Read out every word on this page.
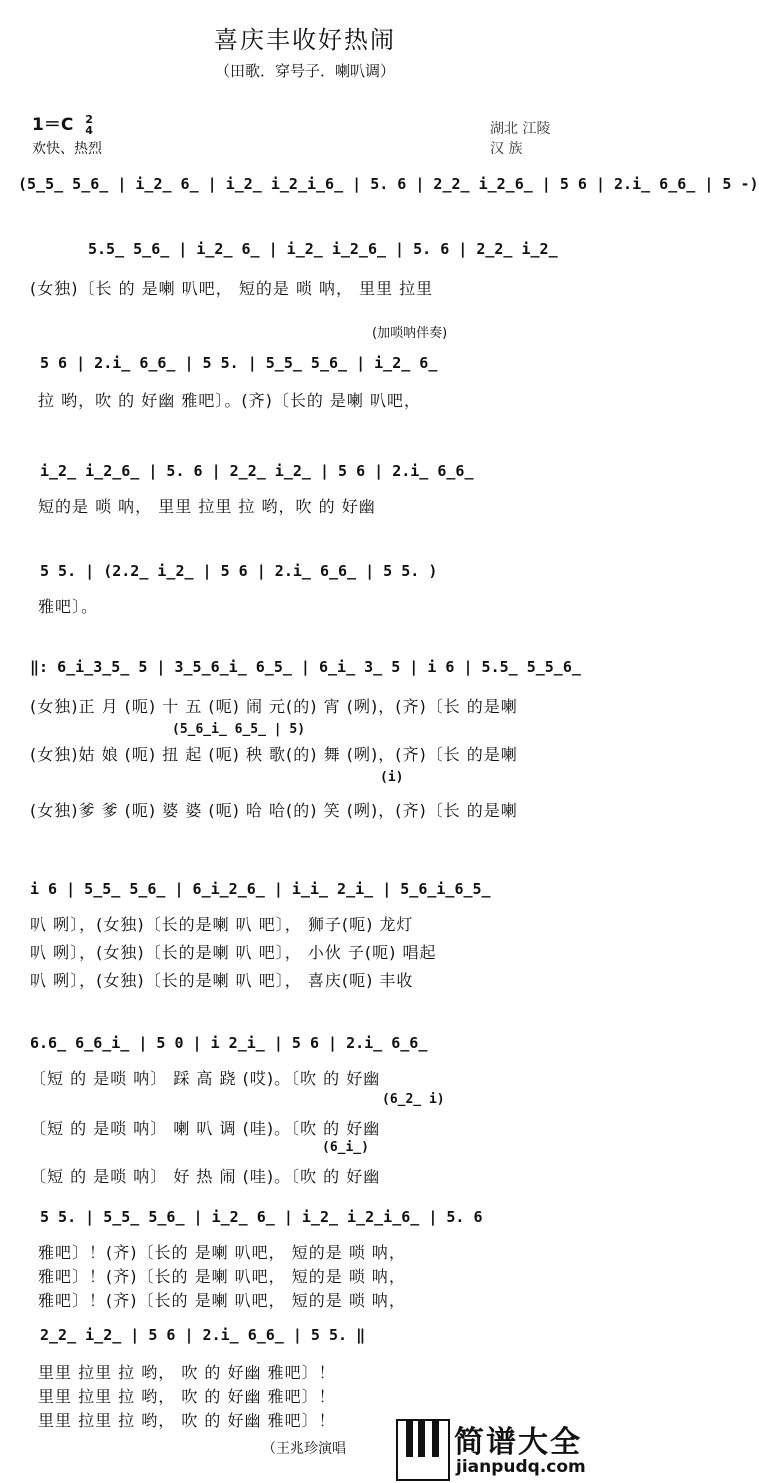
喜庆丰收好热闹
（田歌．穿号子．喇叭调）
1＝C 2
4
欢快、热烈
湖北 江陵
汉 族
(5̲5̲ 5̲6̲ | i̲2̲ 6̲ | i̲2̲ i̲2̲i̲6̲ | 5. 6 | 2̲2̲ i̲2̲6̲ | 5 6 | 2.i̲ 6̲6̲ | 5 -)
5.5̲ 5̲6̲ | i̲2̲ 6̲ | i̲2̲ i̲2̲6̲ | 5. 6 | 2̲2̲ i̲2̲
(女独)〔长 的 是喇 叭吧， 短的是 唢 呐， 里里 拉里
(加唢呐伴奏)
5 6 | 2.i̲ 6̲6̲ | 5 5. | 5̲5̲ 5̲6̲ | i̲2̲ 6̲
拉 哟，吹 的 好幽 雅吧〕。(齐)〔长的 是喇 叭吧，
i̲2̲ i̲2̲6̲ | 5. 6 | 2̲2̲ i̲2̲ | 5 6 | 2.i̲ 6̲6̲
短的是 唢 呐， 里里 拉里 拉 哟，吹 的 好幽
5 5. | (2.2̲ i̲2̲ | 5 6 | 2.i̲ 6̲6̲ | 5 5. )
雅吧〕。
‖: 6̲i̲3̲5̲ 5 | 3̲5̲6̲i̲ 6̲5̲ | 6̲i̲ 3̲ 5 | i 6 | 5.5̲ 5̲5̲6̲
(女独)正 月 (呃) 十 五 (呃) 闹 元(的) 宵 (咧)，(齐)〔长 的是喇
(5̲6̲i̲ 6̲5̲ | 5)
(女独)姑 娘 (呃) 扭 起 (呃) 秧 歌(的) 舞 (咧)，(齐)〔长 的是喇
(i)
(女独)爹 爹 (呃) 婆 婆 (呃) 哈 哈(的) 笑 (咧)，(齐)〔长 的是喇
i 6 | 5̲5̲ 5̲6̲ | 6̲i̲2̲6̲ | i̲i̲ 2̲i̲ | 5̲6̲i̲6̲5̲
叭 咧〕，(女独)〔长的是喇 叭 吧〕， 狮子(呃) 龙灯
叭 咧〕，(女独)〔长的是喇 叭 吧〕， 小伙 子(呃) 唱起
叭 咧〕，(女独)〔长的是喇 叭 吧〕， 喜庆(呃) 丰收
6.6̲ 6̲6̲i̲ | 5 0 | i 2̲i̲ | 5 6 | 2.i̲ 6̲6̲
〔短 的 是唢 呐〕 踩 高 跷 (哎)。〔吹 的 好幽
(6̲2̲ i)
〔短 的 是唢 呐〕 喇 叭 调 (哇)。〔吹 的 好幽
(6̲i̲)
〔短 的 是唢 呐〕 好 热 闹 (哇)。〔吹 的 好幽
5 5. | 5̲5̲ 5̲6̲ | i̲2̲ 6̲ | i̲2̲ i̲2̲i̲6̲ | 5. 6
雅吧〕！(齐)〔长的 是喇 叭吧， 短的是 唢 呐，
雅吧〕！(齐)〔长的 是喇 叭吧， 短的是 唢 呐，
雅吧〕！(齐)〔长的 是喇 叭吧， 短的是 唢 呐，
2̲2̲ i̲2̲ | 5 6 | 2.i̲ 6̲6̲ | 5 5. ‖
里里 拉里 拉 哟， 吹 的 好幽 雅吧〕！
里里 拉里 拉 哟， 吹 的 好幽 雅吧〕！
里里 拉里 拉 哟， 吹 的 好幽 雅吧〕！
（王兆珍演唱	简谱大全
jianpudq.com
